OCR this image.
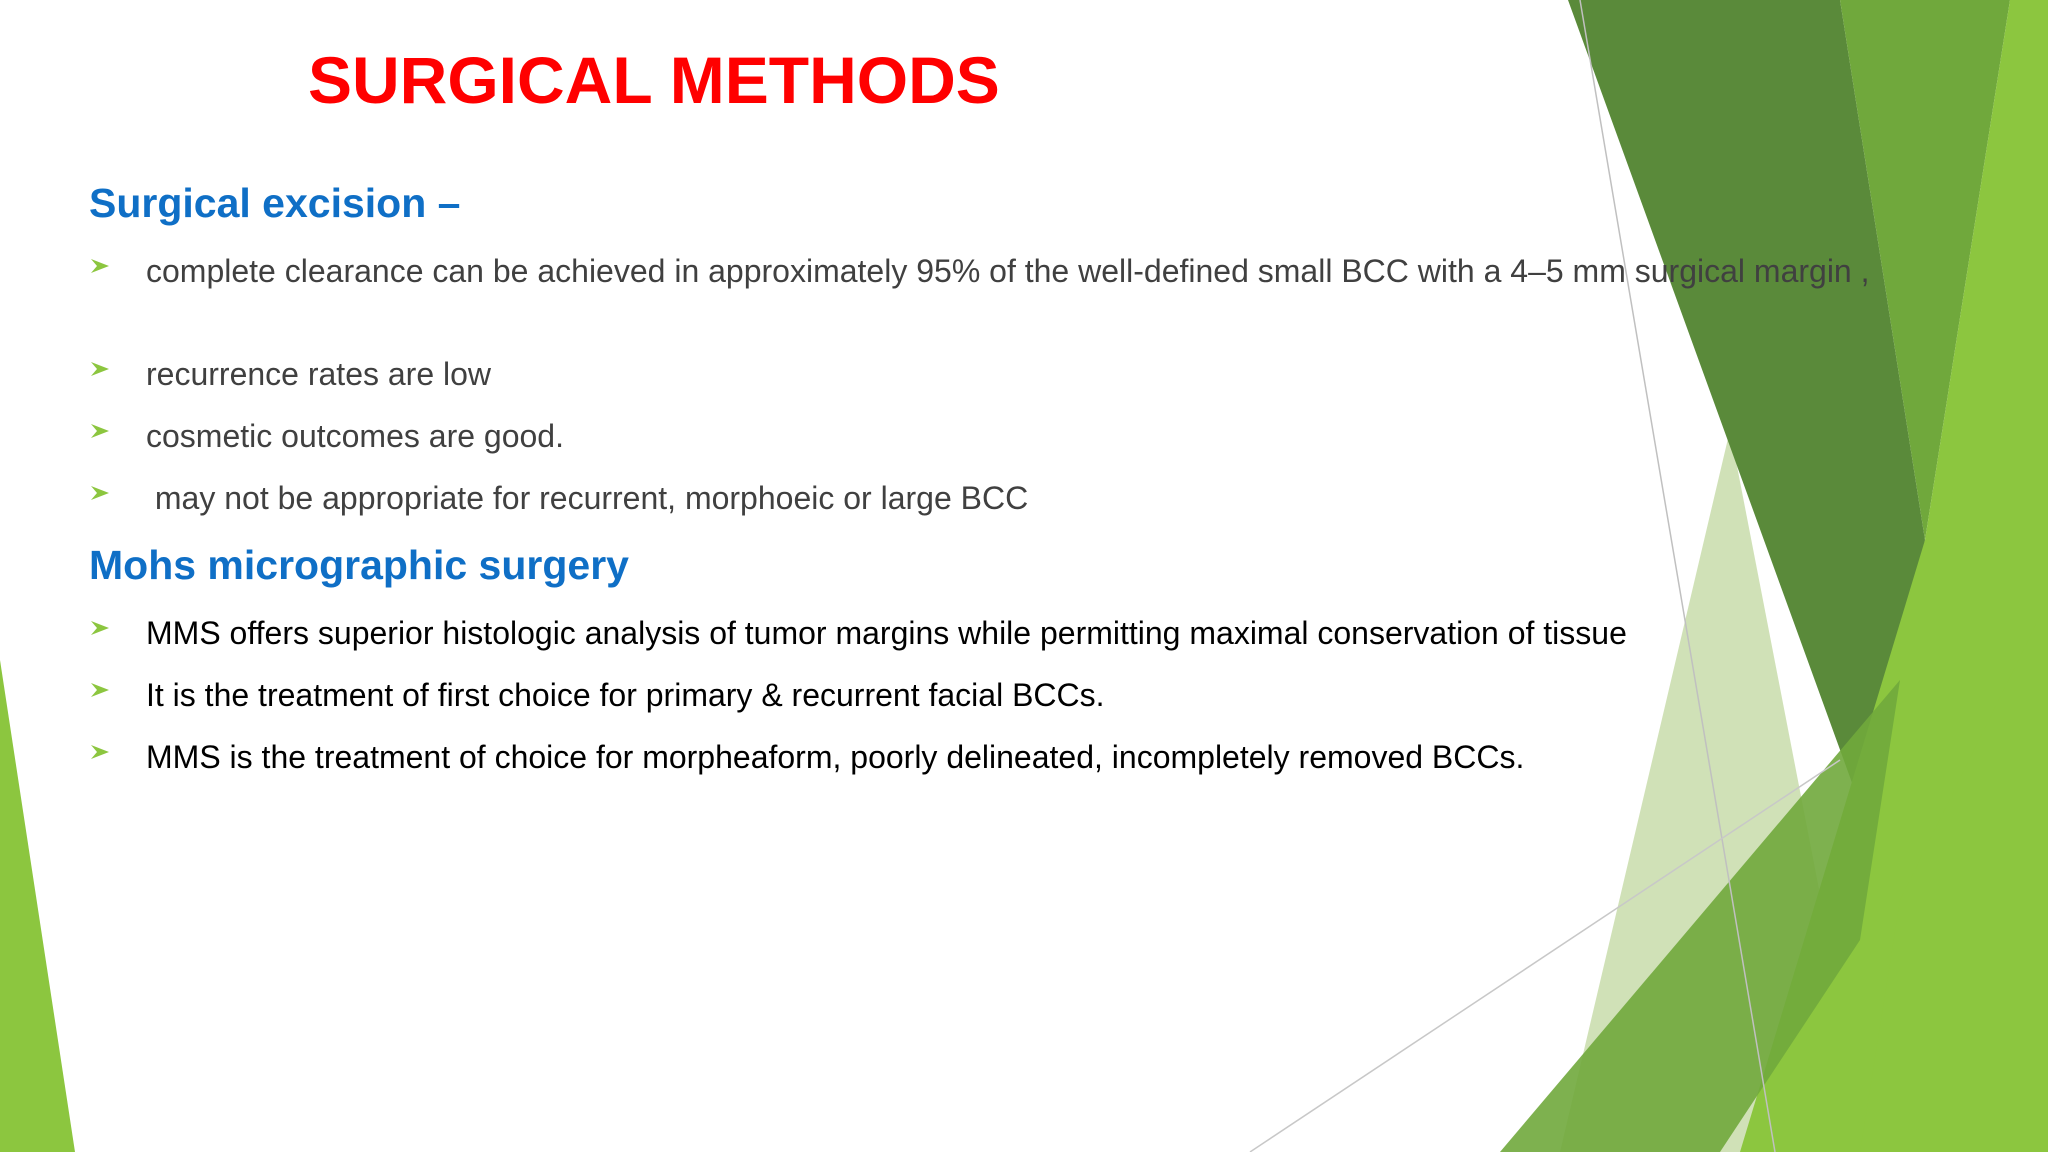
SURGICAL METHODS
Surgical excision –
complete clearance can be achieved in approximately 95% of the well-defined small BCC with a 4–5 mm surgical margin ,
recurrence rates are low
cosmetic outcomes are good.
may not be appropriate for recurrent, morphoeic or large BCC
Mohs micrographic surgery
MMS offers superior histologic analysis of tumor margins while permitting maximal conservation of tissue
It is the treatment of first choice for primary & recurrent facial BCCs.
MMS is the treatment of choice for morpheaform, poorly delineated, incompletely removed BCCs.
